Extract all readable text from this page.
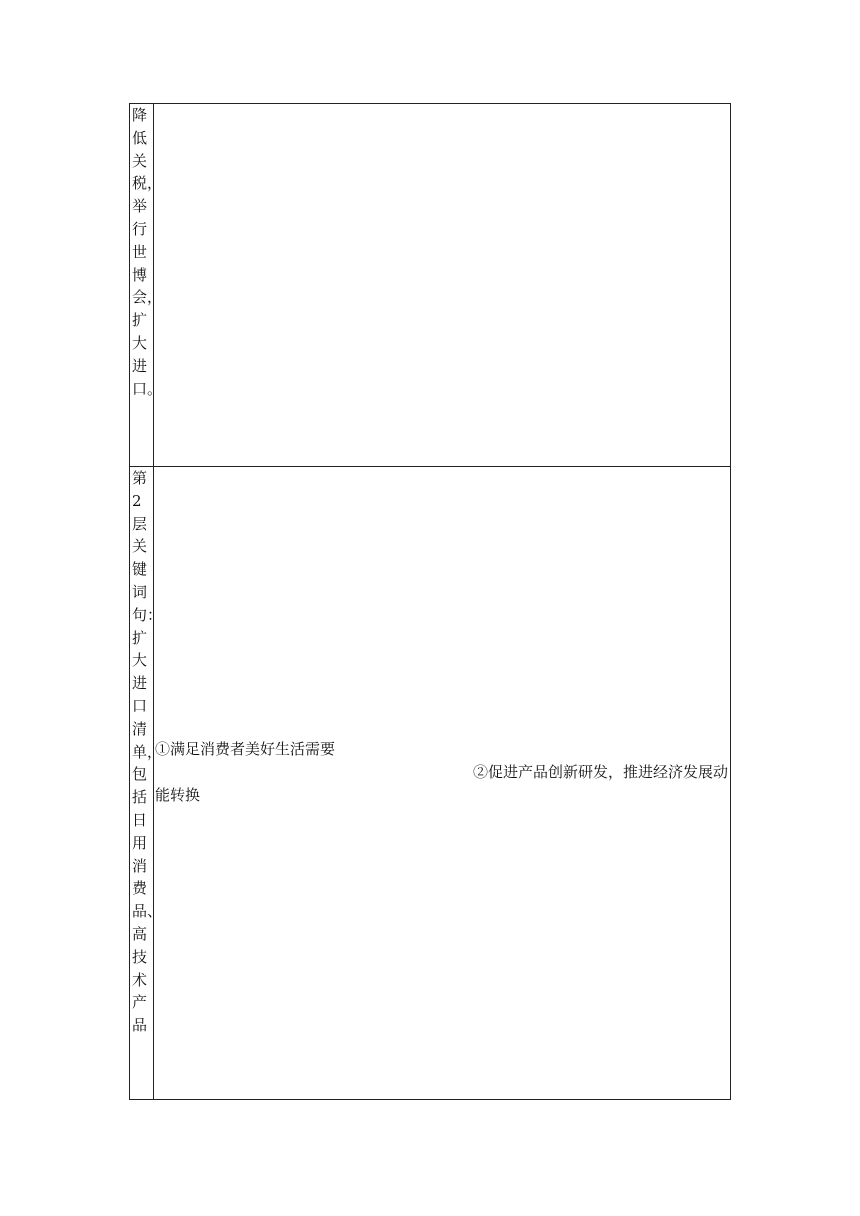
降低关税，举行世博会，扩大进口。
第2层关键词句：扩大进口清单，包括日用消费品、高技术产品
①满足消费者美好生活需要
②促进产品创新研发，推进经济发展动
能转换
